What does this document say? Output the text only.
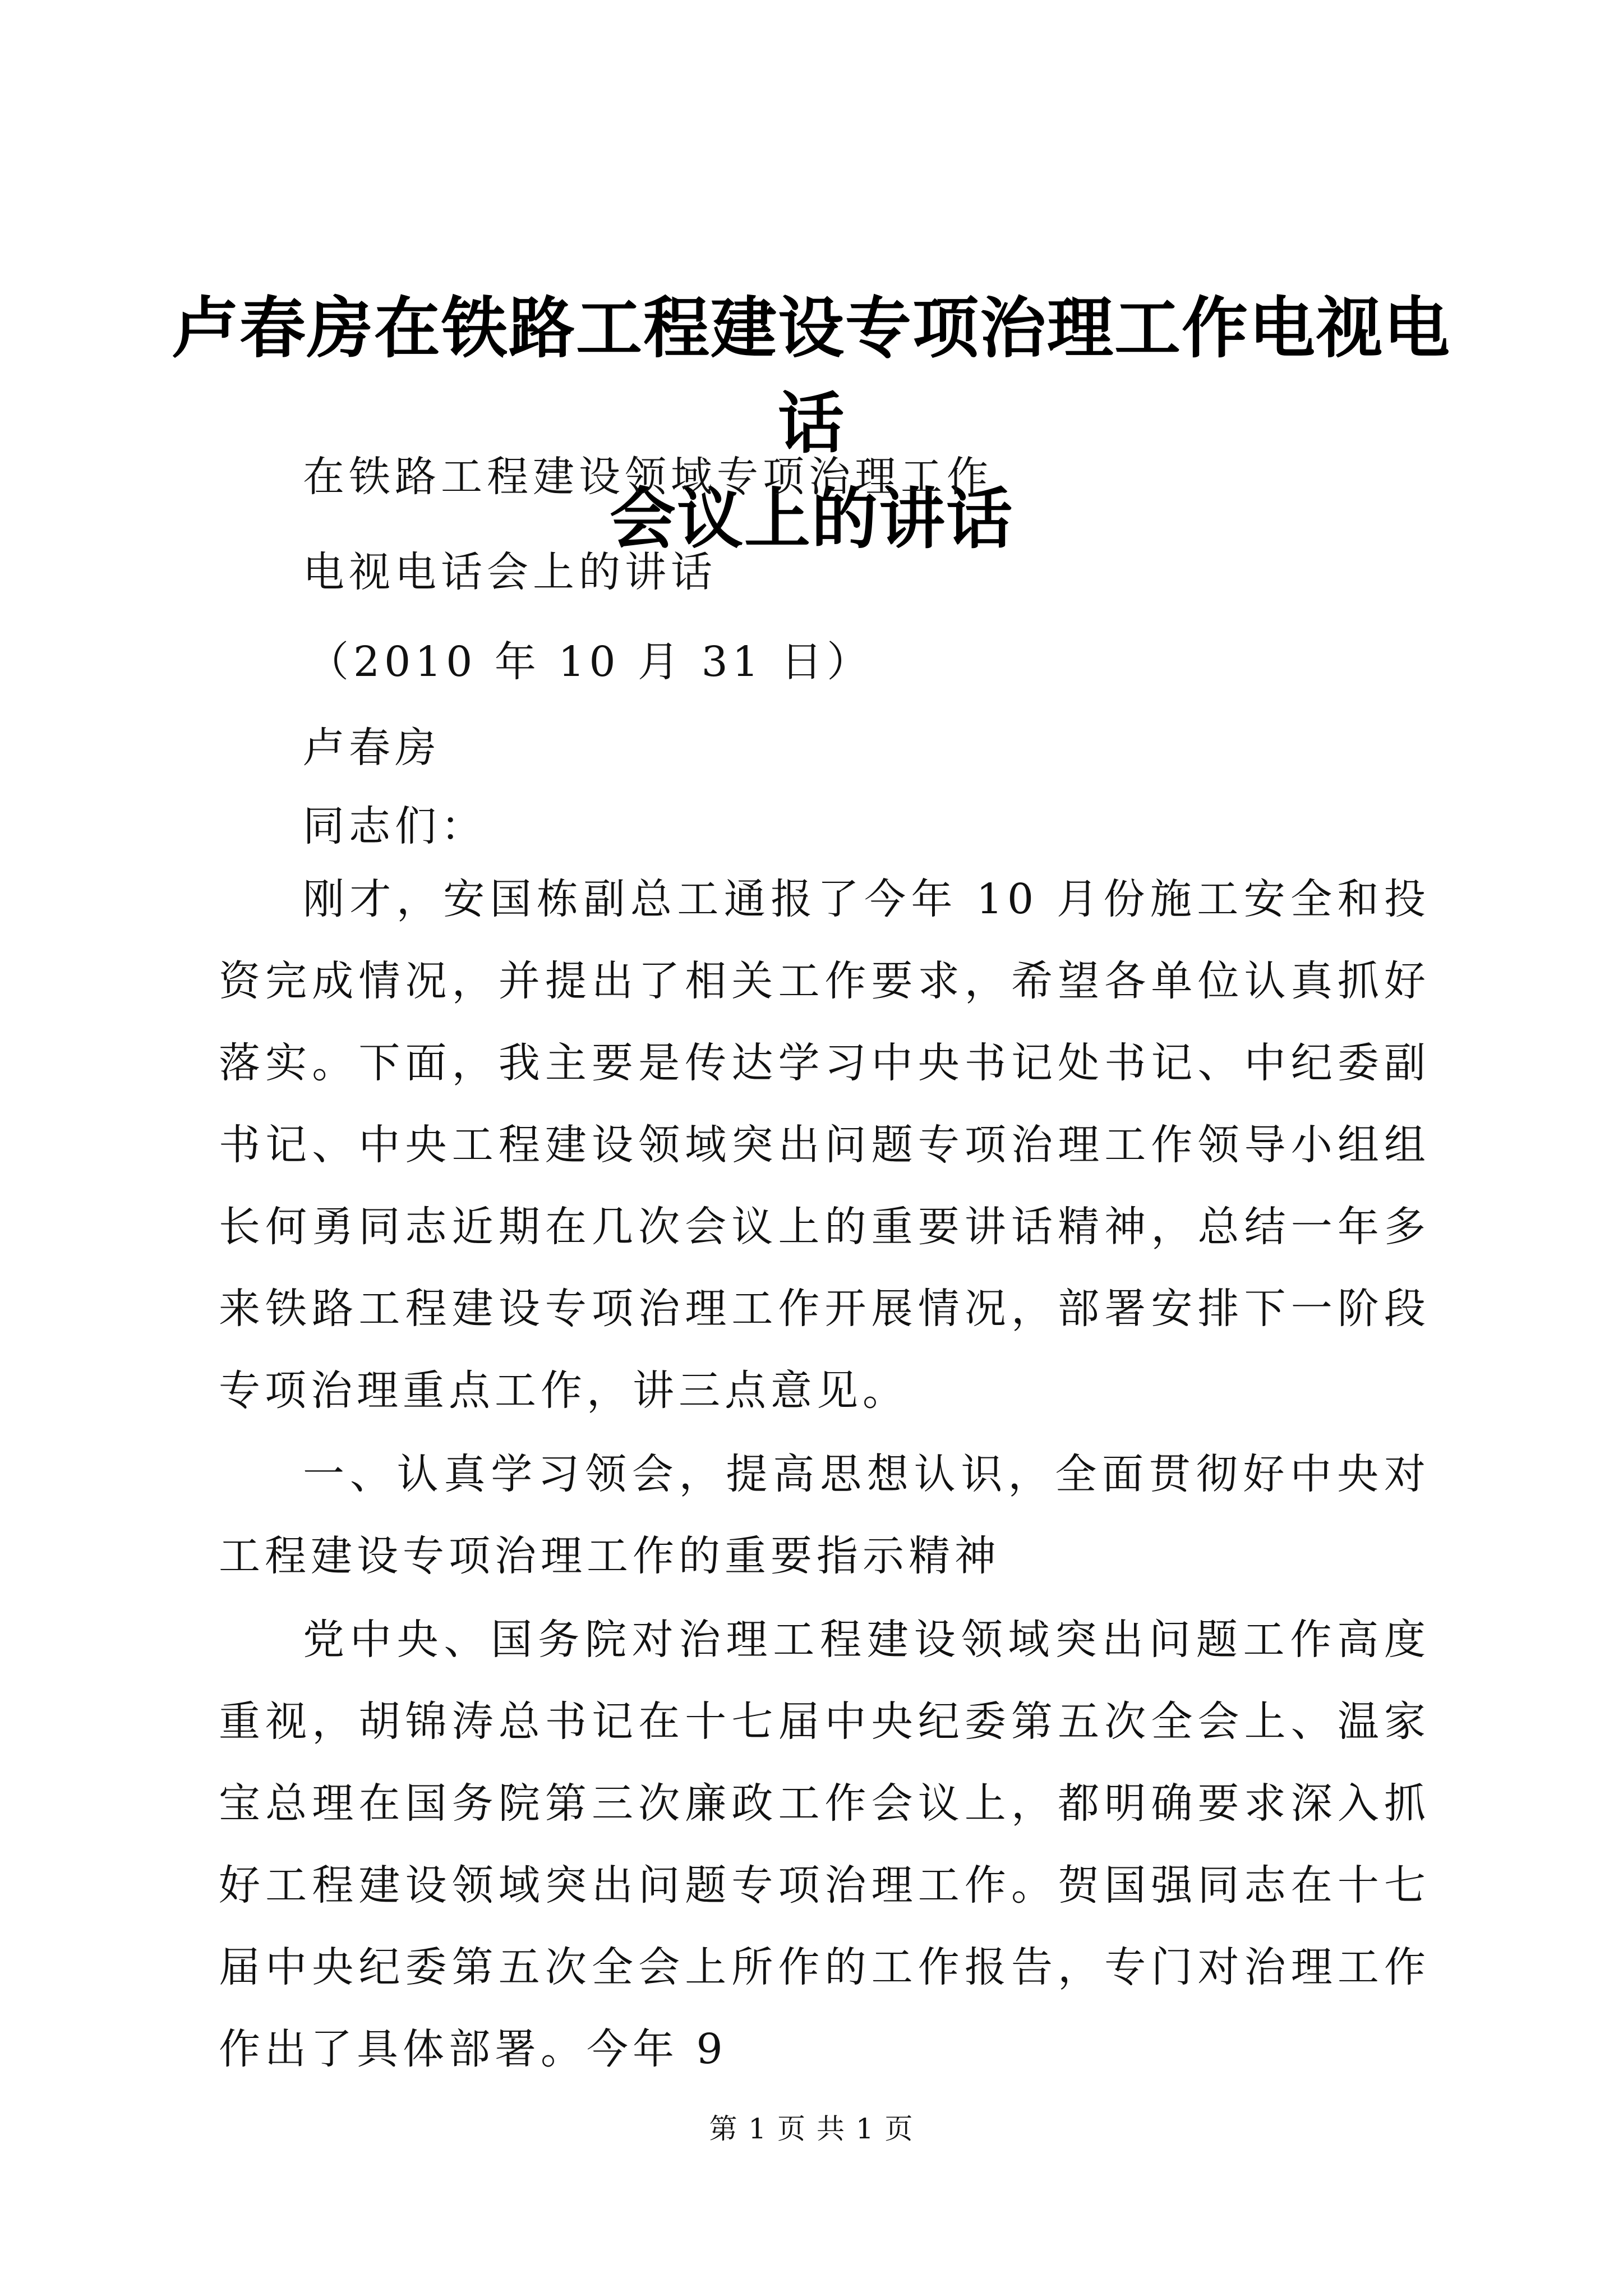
卢春房在铁路工程建设专项治理工作电视电话
会议上的讲话
在铁路工程建设领域专项治理工作
电视电话会上的讲话
（2010 年 10 月 31 日）
卢春房
同志们：

刚才，安国栋副总工通报了今年 10 月份施工安全和投资完成情况，并提出了相关工作要求，希望各单位认真抓好落实。下面，我主要是传达学习中央书记处书记、中纪委副书记、中央工程建设领域突出问题专项治理工作领导小组组长何勇同志近期在几次会议上的重要讲话精神，总结一年多来铁路工程建设专项治理工作开展情况，部署安排下一阶段专项治理重点工作，讲三点意见。

一、认真学习领会，提高思想认识，全面贯彻好中央对工程建设专项治理工作的重要指示精神

党中央、国务院对治理工程建设领域突出问题工作高度重视，胡锦涛总书记在十七届中央纪委第五次全会上、温家宝总理在国务院第三次廉政工作会议上，都明确要求深入抓好工程建设领域突出问题专项治理工作。贺国强同志在十七届中央纪委第五次全会上所作的工作报告，专门对治理工作作出了具体部署。今年 9

第 1 页 共 1 页
